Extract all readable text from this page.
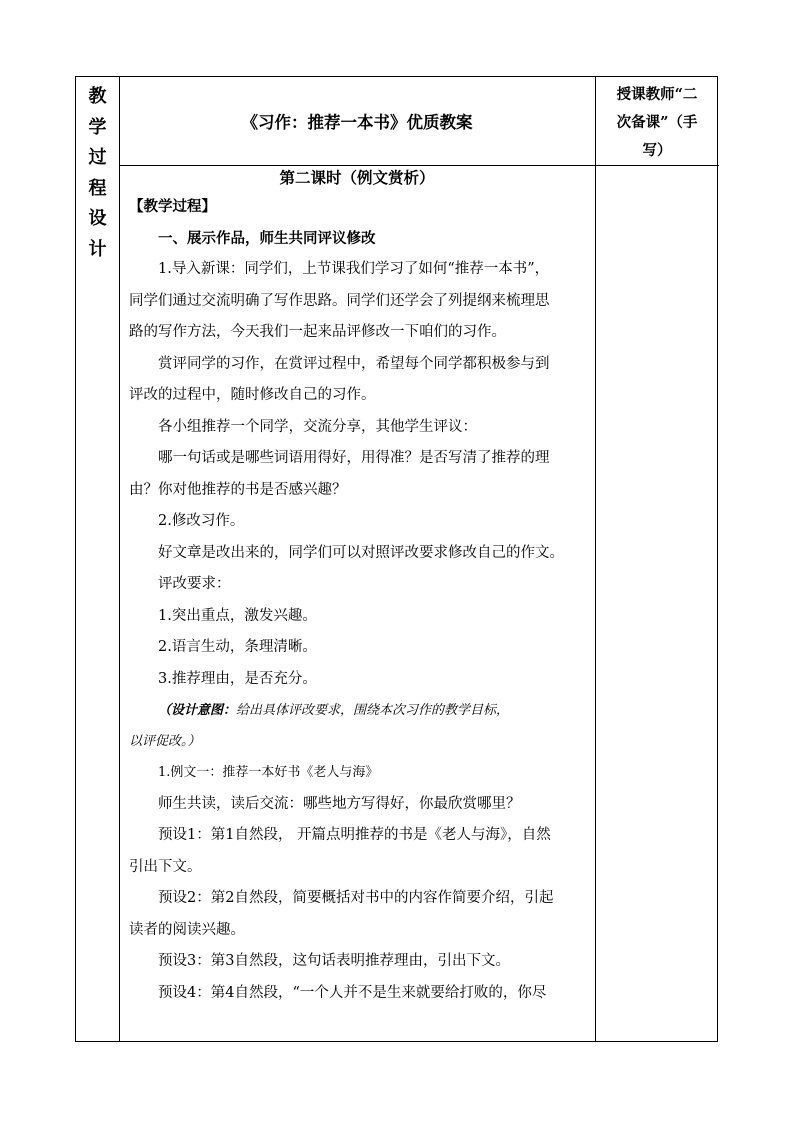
教
学
过
程
设
计
《习作：推荐一本书》优质教案
授课教师“二
次备课”（手
写）

第二课时（例文赏析）

【教学过程】

一、展示作品，师生共同评议修改

1.导入新课：同学们，上节课我们学习了如何“推荐一本书”，

同学们通过交流明确了写作思路。同学们还学会了列提纲来梳理思

路的写作方法，今天我们一起来品评修改一下咱们的习作。

赏评同学的习作，在赏评过程中，希望每个同学都积极参与到

评改的过程中，随时修改自己的习作。

各小组推荐一个同学，交流分享，其他学生评议：

哪一句话或是哪些词语用得好，用得准？是否写清了推荐的理

由？你对他推荐的书是否感兴趣？

2.修改习作。

好文章是改出来的，同学们可以对照评改要求修改自己的作文。

评改要求：

1.突出重点，激发兴趣。

2.语言生动，条理清晰。

3.推荐理由，是否充分。

（设计意图：给出具体评改要求，围绕本次习作的教学目标，

以评促改。）

1.例文一：推荐一本好书《老人与海》

师生共读，读后交流：哪些地方写得好，你最欣赏哪里？

预设1：第1自然段， 开篇点明推荐的书是《老人与海》，自然

引出下文。

预设2：第2自然段，简要概括对书中的内容作简要介绍，引起

读者的阅读兴趣。

预设3：第3自然段，这句话表明推荐理由，引出下文。

预设4：第4自然段，“一个人并不是生来就要给打败的，你尽
